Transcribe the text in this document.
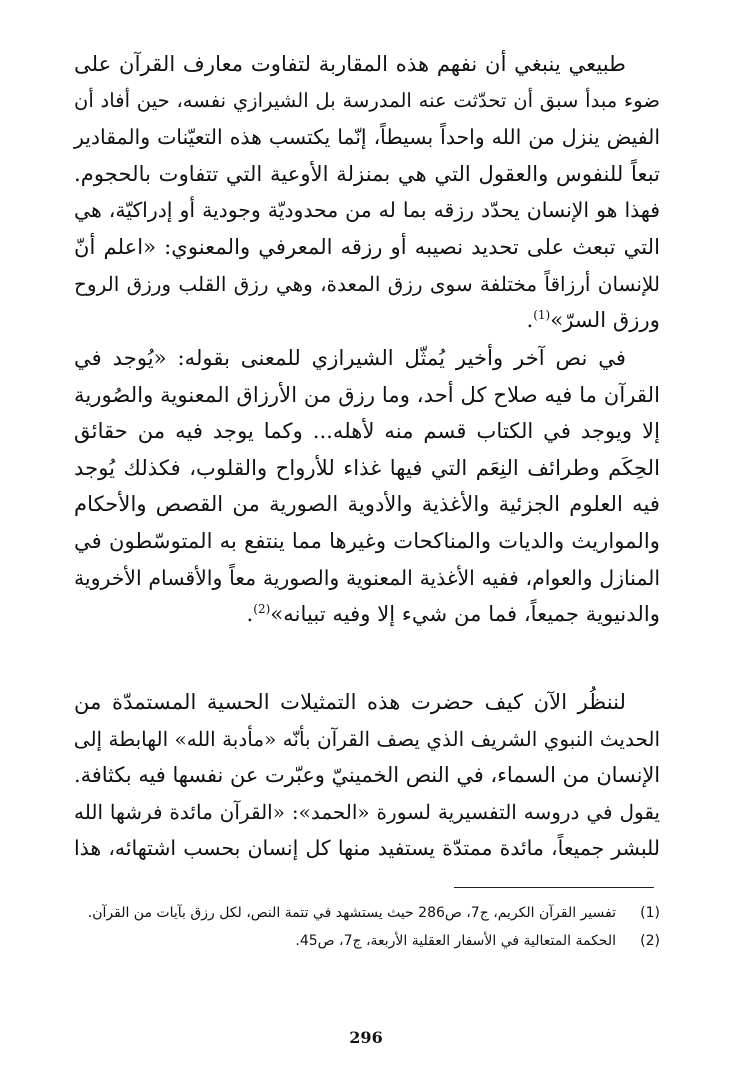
طبيعي ينبغي أن نفهم هذه المقاربة لتفاوت معارف القرآن على
ضوء مبدأ سبق أن تحدّثت عنه المدرسة بل الشيرازي نفسه، حين أفاد أن
الفيض ينزل من الله واحداً بسيطاً، إنّما يكتسب هذه التعيّنات والمقادير
تبعاً للنفوس والعقول التي هي بمنزلة الأوعية التي تتفاوت بالحجوم.
فهذا هو الإنسان يحدّد رزقه بما له من محدوديّة وجودية أو إدراكيّة، هي
التي تبعث على تحديد نصيبه أو رزقه المعرفي والمعنوي: «اعلم أنّ
للإنسان أرزاقاً مختلفة سوى رزق المعدة، وهي رزق القلب ورزق الروح
ورزق السرّ»$^{(1)}$.
في نص آخر وأخير يُمثّل الشيرازي للمعنى بقوله: «يُوجد في
القرآن ما فيه صلاح كل أحد، وما رزق من الأرزاق المعنوية والصُورية
إلا ويوجد في الكتاب قسم منه لأهله... وكما يوجد فيه من حقائق
الحِكَم وطرائف النِعَم التي فيها غذاء للأرواح والقلوب، فكذلك يُوجد
فيه العلوم الجزئية والأغذية والأدوية الصورية من القصص والأحكام
والمواريث والديات والمناكحات وغيرها مما ينتفع به المتوسّطون في
المنازل والعوام، ففيه الأغذية المعنوية والصورية معاً والأقسام الأخروية
والدنيوية جميعاً، فما من شيء إلا وفيه تبيانه»$^{(2)}$.
لننظُر الآن كيف حضرت هذه التمثيلات الحسية المستمدّة من
الحديث النبوي الشريف الذي يصف القرآن بأنّه «مأدبة الله» الهابطة إلى
الإنسان من السماء، في النص الخمينيّ وعبّرت عن نفسها فيه بكثافة.
يقول في دروسه التفسيرية لسورة «الحمد»: «القرآن مائدة فرشها الله
للبشر جميعاً، مائدة ممتدّة يستفيد منها كل إنسان بحسب اشتهائه، هذا
(1)
تفسير القرآن الكريم، ج7، ص286 حيث يستشهد في تتمة النص، لكل رزق بآيات من القرآن.
(2)
الحكمة المتعالية في الأسفار العقلية الأربعة، ج7، ص45.
296
